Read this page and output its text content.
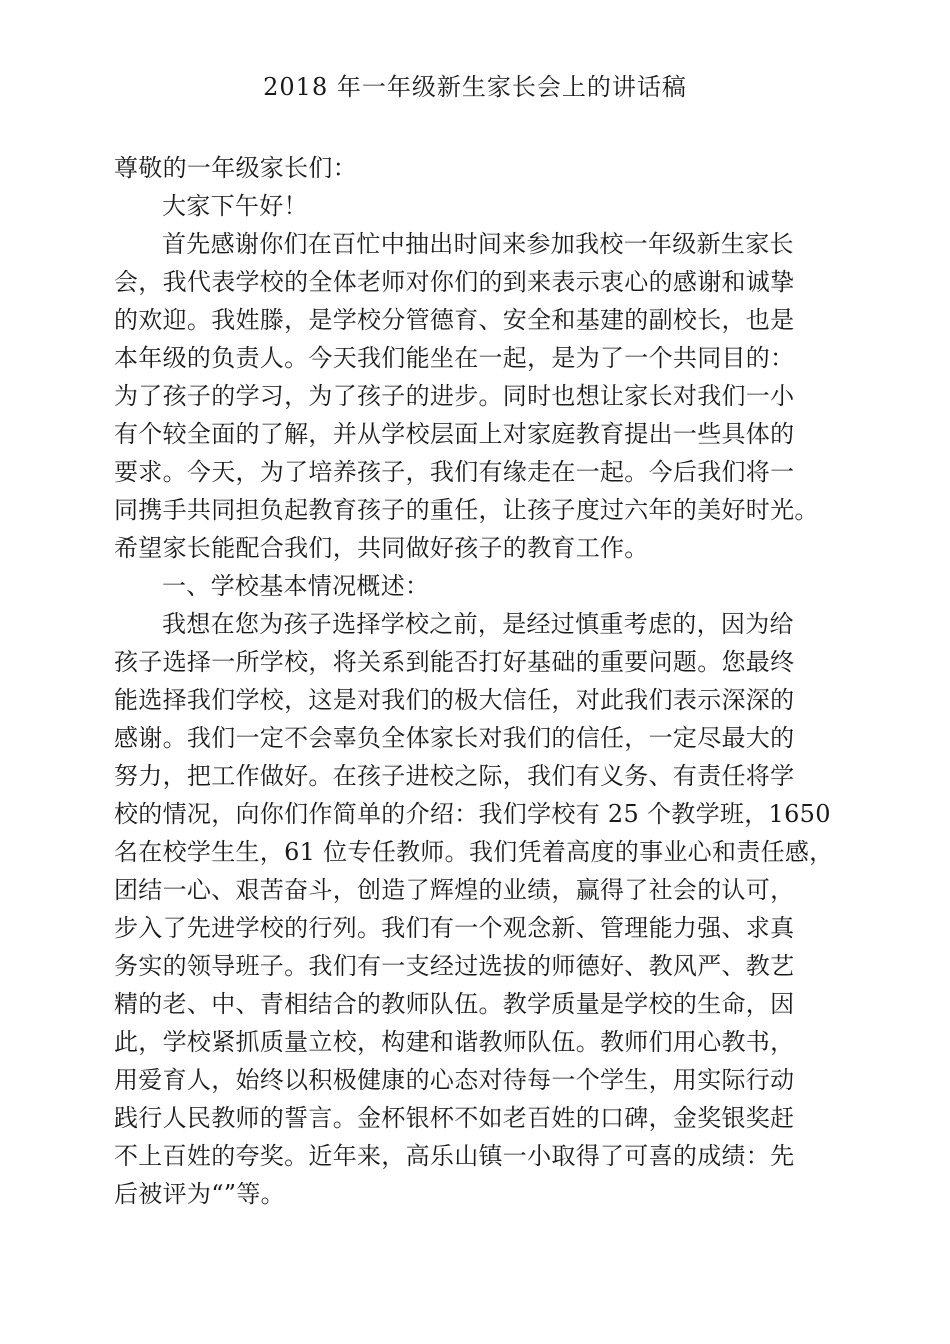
2018 年一年级新生家长会上的讲话稿
尊敬的一年级家长们：
大家下午好！
首先感谢你们在百忙中抽出时间来参加我校一年级新生家长
会，我代表学校的全体老师对你们的到来表示衷心的感谢和诚挚
的欢迎。我姓滕，是学校分管德育、安全和基建的副校长，也是
本年级的负责人。今天我们能坐在一起，是为了一个共同目的：
为了孩子的学习，为了孩子的进步。同时也想让家长对我们一小
有个较全面的了解，并从学校层面上对家庭教育提出一些具体的
要求。今天，为了培养孩子，我们有缘走在一起。今后我们将一
同携手共同担负起教育孩子的重任，让孩子度过六年的美好时光。
希望家长能配合我们，共同做好孩子的教育工作。
一、学校基本情况概述：
我想在您为孩子选择学校之前，是经过慎重考虑的，因为给
孩子选择一所学校，将关系到能否打好基础的重要问题。您最终
能选择我们学校，这是对我们的极大信任，对此我们表示深深的
感谢。我们一定不会辜负全体家长对我们的信任，一定尽最大的
努力，把工作做好。在孩子进校之际，我们有义务、有责任将学
校的情况，向你们作简单的介绍：我们学校有 25 个教学班，1650
名在校学生生，61 位专任教师。我们凭着高度的事业心和责任感，
团结一心、艰苦奋斗，创造了辉煌的业绩，赢得了社会的认可，
步入了先进学校的行列。我们有一个观念新、管理能力强、求真
务实的领导班子。我们有一支经过选拔的师德好、教风严、教艺
精的老、中、青相结合的教师队伍。教学质量是学校的生命，因
此，学校紧抓质量立校，构建和谐教师队伍。教师们用心教书，
用爱育人，始终以积极健康的心态对待每一个学生，用实际行动
践行人民教师的誓言。金杯银杯不如老百姓的口碑，金奖银奖赶
不上百姓的夸奖。近年来，高乐山镇一小取得了可喜的成绩：先
后被评为“”等。
